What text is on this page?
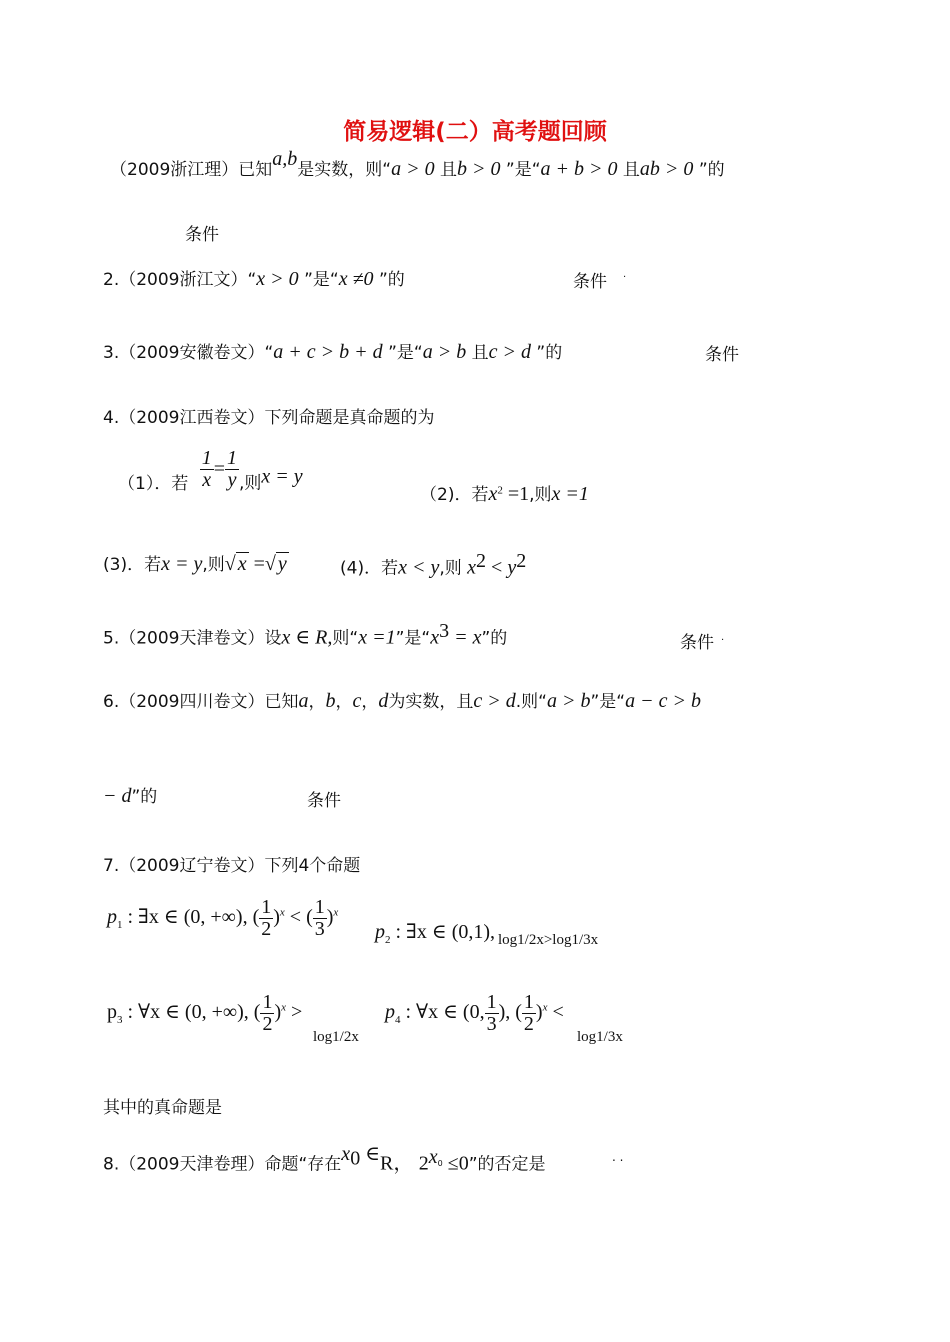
简易逻辑(二）高考题回顾
（2009浙江理）已知a,b是实数，则“a > 0 且b > 0 ”是“a + b > 0 且ab > 0 ”的
条件
2.（2009浙江文）“x > 0 ”是“x ≠0 ”的	条件 .
3.（2009安徽卷文）“a + c > b + d ”是“a > b 且c > d ”的	条件
4.（2009江西卷文）下列命题是真命题的为
（1）．若 $\frac{1}{x} = \frac{1}{y}$ ,则x = y
（2)．若$x^2 =1$,则x =1
(3)．若x = y,则√ x =√ y	(4)．若x < y,则 $x^2 < y^2$
5.（2009天津卷文）设x ∈ R,则“x =1”是“$x^3 = x$”的	条件 .
6.（2009四川卷文）已知a，b，c，d为实数，且c > d.则“a > b”是“a − c > b
− d”的	条件
7.（2009辽宁卷文）下列4个命题
$p_1$ : ∃x ∈ (0, +∞), ( $\frac{1}{2} )^x$ < ( $\frac{1}{3} )^x$
$p_2$ : ∃x ∈ (0,1), log1/2x>log1/3x
$p_3$ : ∀x ∈ (0, +∞), ( $\frac{1}{2} )^x$ >
log1/2x
$p_4$ : ∀x ∈ (0, $\frac{1}{3}$ ), ( $\frac{1}{2} )^x$ <
log1/3x
其中的真命题是
8.（2009天津卷理）命题“存在$x_0$ ∈R， $2^{x_0} \le 0$”的否定是	. .
